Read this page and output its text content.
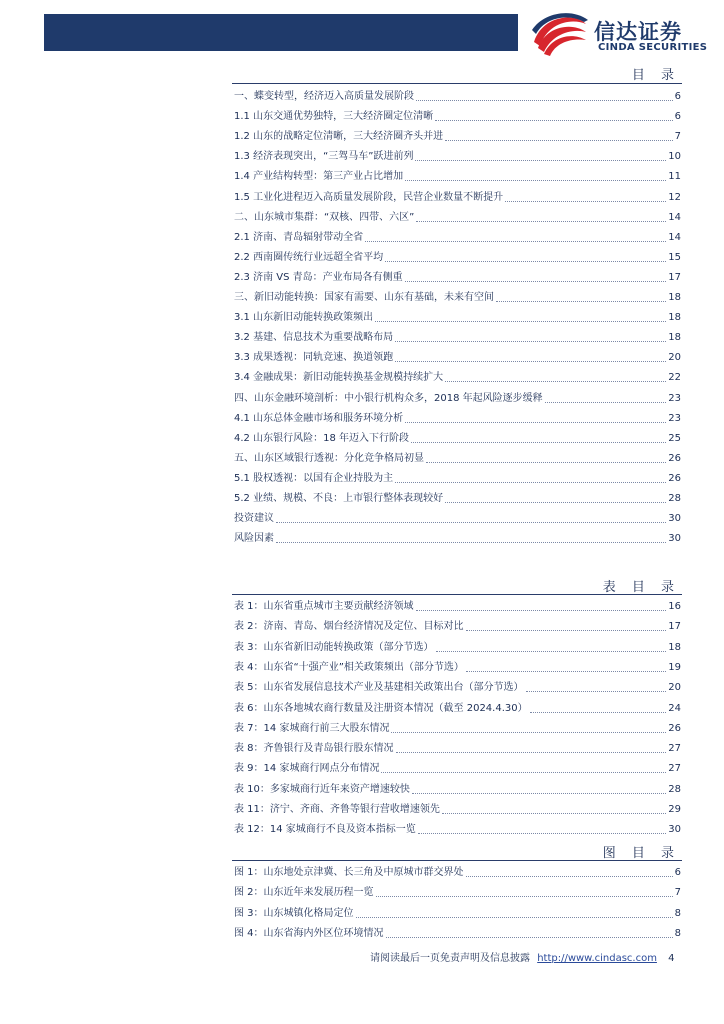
信达证券
CINDA SECURITIES
目 录
一、蝶变转型，经济迈入高质量发展阶段	6
1.1 山东交通优势独特，三大经济圈定位清晰	6
1.2 山东的战略定位清晰，三大经济圈齐头并进	7
1.3 经济表现突出，“三驾马车”跃进前列	10
1.4 产业结构转型：第三产业占比增加	11
1.5 工业化进程迈入高质量发展阶段，民营企业数量不断提升	12
二、山东城市集群：“双核、四带、六区”	14
2.1 济南、青岛辐射带动全省	14
2.2 西南圈传统行业远超全省平均	15
2.3 济南 VS 青岛：产业布局各有侧重	17
三、新旧动能转换：国家有需要、山东有基础，未来有空间	18
3.1 山东新旧动能转换政策频出	18
3.2 基建、信息技术为重要战略布局	18
3.3 成果透视：同轨竞速、换道领跑	20
3.4 金融成果：新旧动能转换基金规模持续扩大	22
四、山东金融环境剖析：中小银行机构众多，2018 年起风险逐步缓释	23
4.1 山东总体金融市场和服务环境分析	23
4.2 山东银行风险：18 年迈入下行阶段	25
五、山东区域银行透视：分化竞争格局初显	26
5.1 股权透视：以国有企业持股为主	26
5.2 业绩、规模、不良：上市银行整体表现较好	28
投资建议	30
风险因素	30
表 目 录
表 1：山东省重点城市主要贡献经济领域	16
表 2：济南、青岛、烟台经济情况及定位、目标对比	17
表 3：山东省新旧动能转换政策（部分节选）	18
表 4：山东省“十强产业”相关政策频出（部分节选）	19
表 5：山东省发展信息技术产业及基建相关政策出台（部分节选）	20
表 6：山东各地城农商行数量及注册资本情况（截至 2024.4.30）	24
表 7：14 家城商行前三大股东情况	26
表 8：齐鲁银行及青岛银行股东情况	27
表 9：14 家城商行网点分布情况	27
表 10：多家城商行近年来资产增速较快	28
表 11：济宁、齐商、齐鲁等银行营收增速领先	29
表 12：14 家城商行不良及资本指标一览	30
图 目 录
图 1：山东地处京津冀、长三角及中原城市群交界处	6
图 2：山东近年来发展历程一览	7
图 3：山东城镇化格局定位	8
图 4：山东省海内外区位环境情况	8
请阅读最后一页免责声明及信息披露 http://www.cindasc.com 4
